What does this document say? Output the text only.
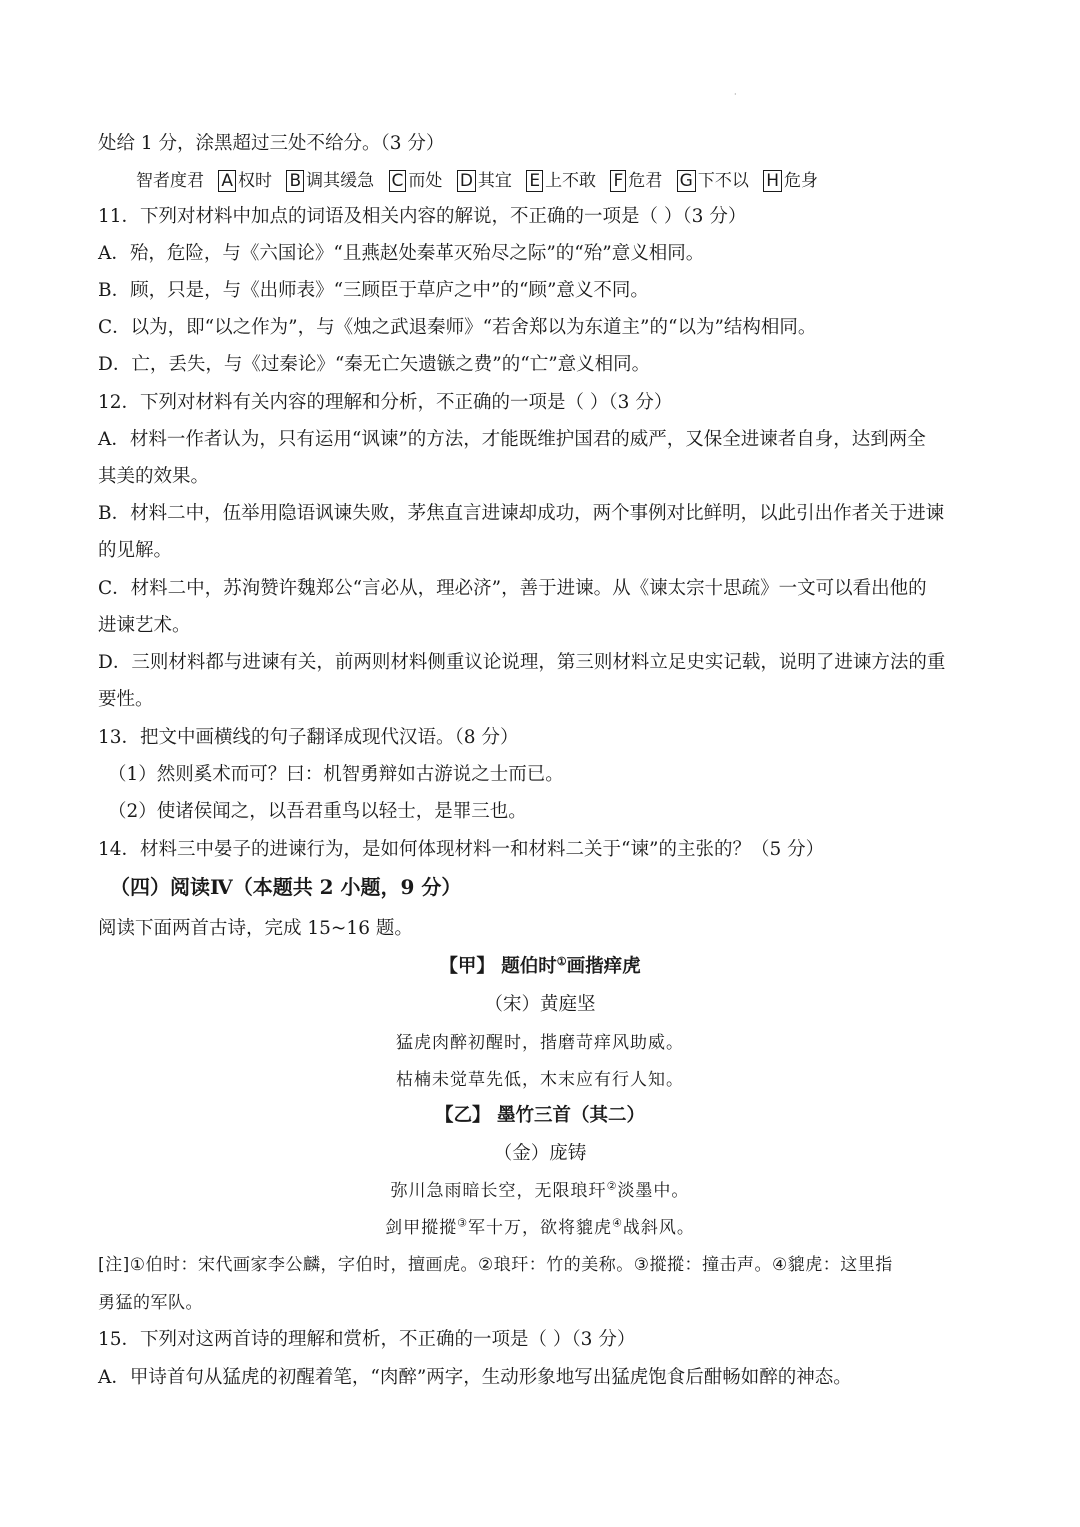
·
处给 1 分，涂黑超过三处不给分。（3 分）
智者度君 A 权时 B 调其缓急 C 而处 D 其宜 E 上不敢 F 危君 G 下不以 H 危身
11．下列对材料中加点的词语及相关内容的解说，不正确的一项是（ ）（3 分）
A．殆，危险，与《六国论》“且燕赵处秦革灭殆尽之际”的“殆”意义相同。
B．顾，只是，与《出师表》“三顾臣于草庐之中”的“顾”意义不同。
C．以为，即“以之作为”，与《烛之武退秦师》“若舍郑以为东道主”的“以为”结构相同。
D．亡，丢失，与《过秦论》“秦无亡矢遗镞之费”的“亡”意义相同。
12．下列对材料有关内容的理解和分析，不正确的一项是（ ）（3 分）
A．材料一作者认为，只有运用“讽谏”的方法，才能既维护国君的威严，又保全进谏者自身，达到两全
其美的效果。
B．材料二中，伍举用隐语讽谏失败，茅焦直言进谏却成功，两个事例对比鲜明，以此引出作者关于进谏
的见解。
C．材料二中，苏洵赞许魏郑公“言必从，理必济”，善于进谏。从《谏太宗十思疏》一文可以看出他的
进谏艺术。
D．三则材料都与进谏有关，前两则材料侧重议论说理，第三则材料立足史实记载，说明了进谏方法的重
要性。
13．把文中画横线的句子翻译成现代汉语。（8 分）
（1）然则奚术而可？曰：机智勇辩如古游说之士而已。
（2）使诸侯闻之，以吾君重鸟以轻士，是罪三也。
14．材料三中晏子的进谏行为，是如何体现材料一和材料二关于“谏”的主张的？（5 分）
（四）阅读Ⅳ（本题共 2 小题，9 分）
阅读下面两首古诗，完成 15~16 题。
【甲】 题伯时①画揩痒虎
（宋）黄庭坚
猛虎肉醉初醒时，揩磨苛痒风助威。
枯楠未觉草先低，木末应有行人知。
【乙】 墨竹三首（其二）
（金）庞铸
弥川急雨暗长空，无限琅玕②淡墨中。
剑甲摐摐③军十万，欲将貔虎④战斜风。
[注]①伯时：宋代画家李公麟，字伯时，擅画虎。②琅玕：竹的美称。③摐摐：撞击声。④貔虎：这里指
勇猛的军队。
15．下列对这两首诗的理解和赏析，不正确的一项是（ ）（3 分）
A．甲诗首句从猛虎的初醒着笔，“肉醉”两字，生动形象地写出猛虎饱食后酣畅如醉的神态。
